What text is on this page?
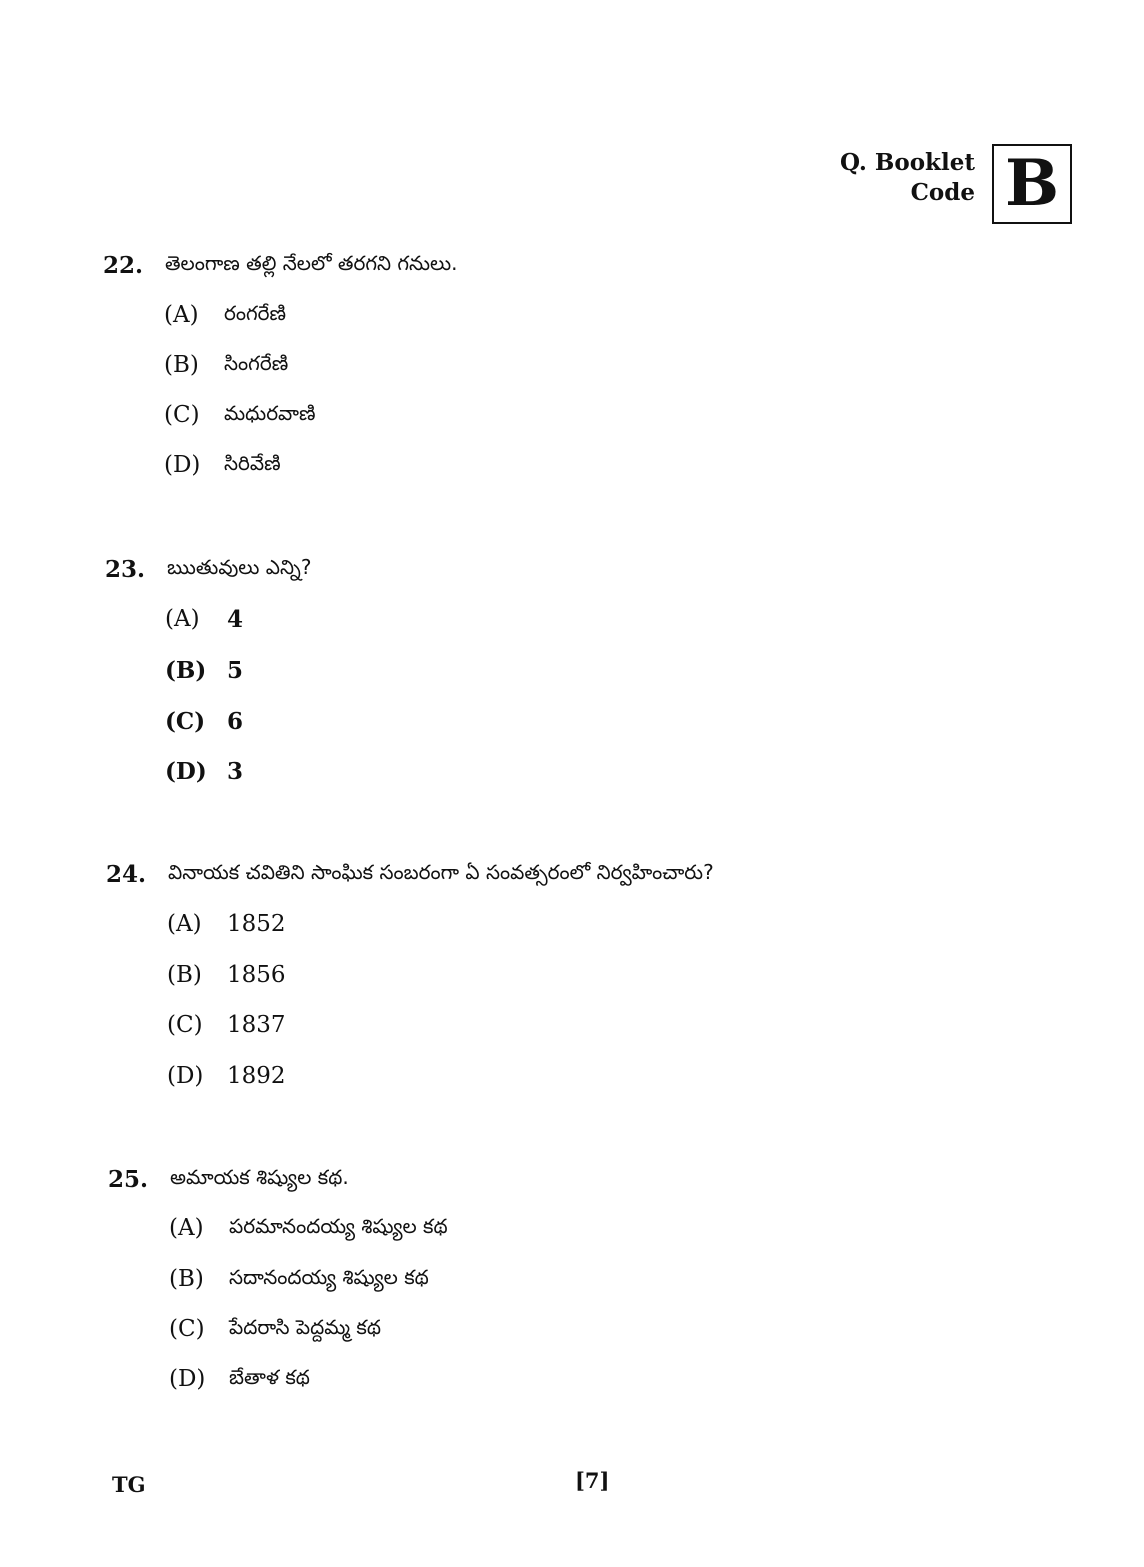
Q. Booklet
Code B
22.	తెలంగాణ తల్లి నేలలో తరగని గనులు.
(A)	రంగరేణి
(B)	సింగరేణి
(C)	మధురవాణి
(D)	సిరివేణి
23.	ఋతువులు ఎన్ని?
(A)	4
(B) 5
(C) 6
(D) 3
24.	వినాయక చవితిని సాంఘిక సంబరంగా ఏ సంవత్సరంలో నిర్వహించారు?
(A)	1852
(B)	1856
(C)	1837
(D)	1892
25.	అమాయక శిష్యుల కథ.
(A)	పరమానందయ్య శిష్యుల కథ
(B)	సదానందయ్య శిష్యుల కథ
(C)	పేదరాసి పెద్దమ్మ కథ
(D)	బేతాళ కథ
TG	[7]
